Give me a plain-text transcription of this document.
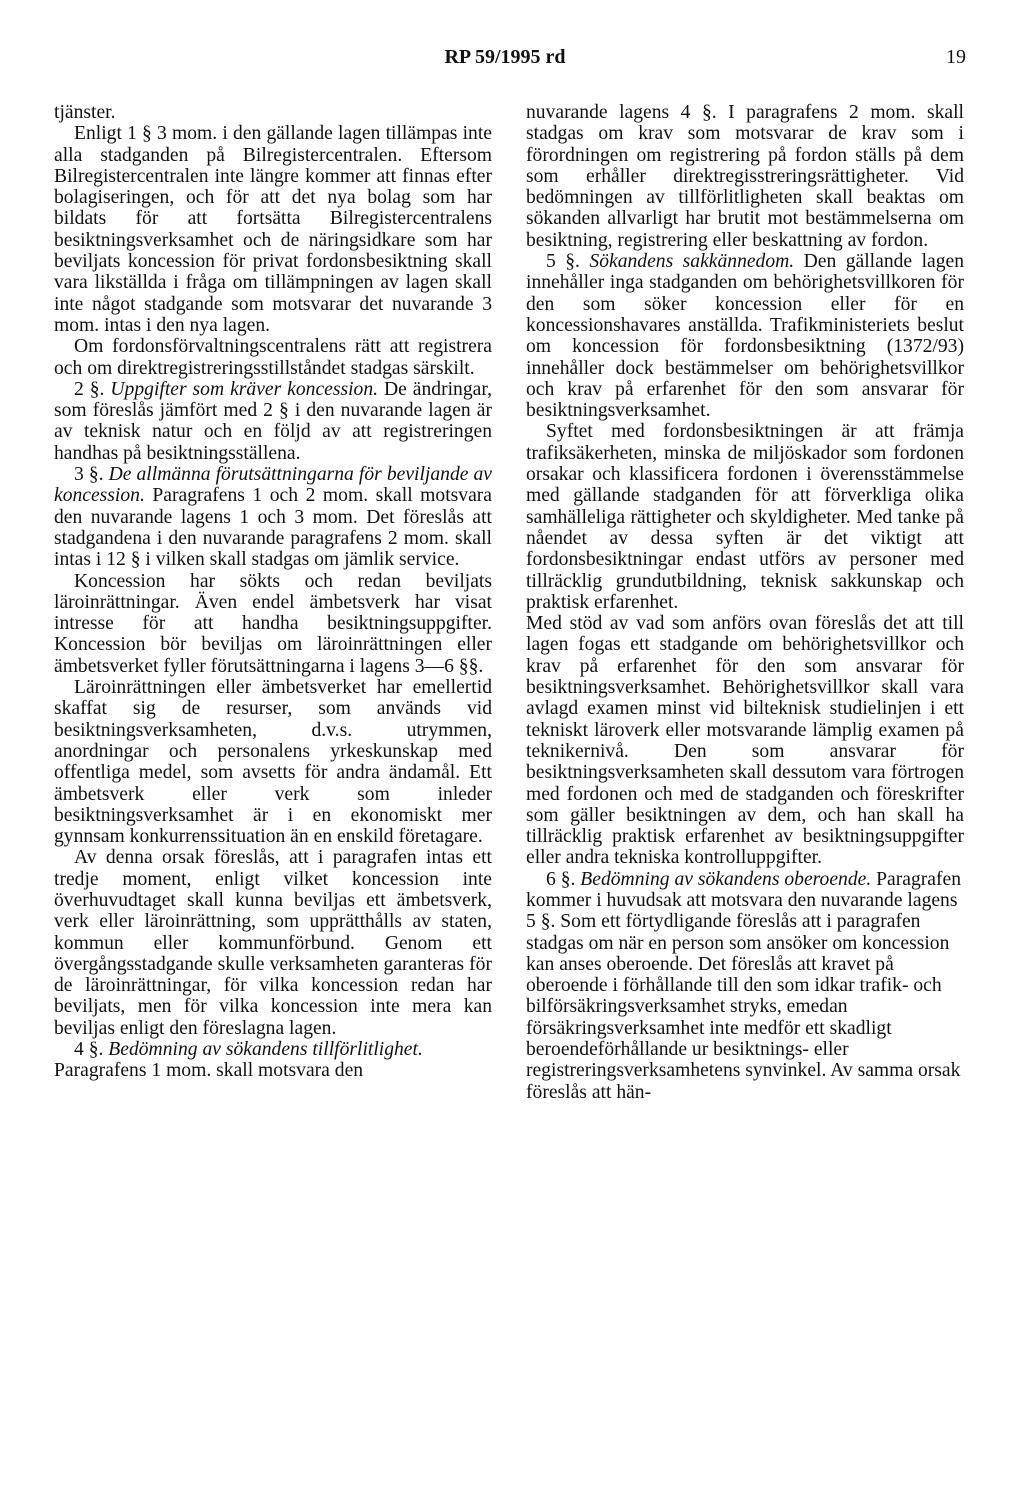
RP 59/1995 rd	19

tjänster.

Enligt 1 § 3 mom. i den gällande lagen tillämpas inte alla stadganden på Bilregistercentralen. Eftersom Bilregistercentralen inte längre kommer att finnas efter bolagiseringen, och för att det nya bolag som har bildats för att fortsätta Bilregistercentralens besiktningsverksamhet och de näringsidkare som har beviljats koncession för privat fordonsbesiktning skall vara likställda i fråga om tillämpningen av lagen skall inte något stadgande som motsvarar det nuvarande 3 mom. intas i den nya lagen.

Om fordonsförvaltningscentralens rätt att registrera och om direktregistreringsstillståndet stadgas särskilt.

2 §. Uppgifter som kräver koncession. De ändringar, som föreslås jämfört med 2 § i den nuvarande lagen är av teknisk natur och en följd av att registreringen handhas på besiktningsställena.

3 §. De allmänna förutsättningarna för beviljande av koncession. Paragrafens 1 och 2 mom. skall motsvara den nuvarande lagens 1 och 3 mom. Det föreslås att stadgandena i den nuvarande paragrafens 2 mom. skall intas i 12 § i vilken skall stadgas om jämlik service.

Koncession har sökts och redan beviljats läroinrättningar. Även endel ämbetsverk har visat intresse för att handha besiktningsuppgifter. Koncession bör beviljas om läroinrättningen eller ämbetsverket fyller förutsättningarna i lagens 3—6 §§.

Läroinrättningen eller ämbetsverket har emellertid skaffat sig de resurser, som används vid besiktningsverksamheten, d.v.s. utrymmen, anordningar och personalens yrkeskunskap med offentliga medel, som avsetts för andra ändamål. Ett ämbetsverk eller verk som inleder besiktningsverksamhet är i en ekonomiskt mer gynnsam konkurrenssituation än en enskild företagare.

Av denna orsak föreslås, att i paragrafen intas ett tredje moment, enligt vilket koncession inte överhuvudtaget skall kunna beviljas ett ämbetsverk, verk eller läroinrättning, som upprätthålls av staten, kommun eller kommunförbund. Genom ett övergångsstadgande skulle verksamheten garanteras för de läroinrättningar, för vilka koncession redan har beviljats, men för vilka koncession inte mera kan beviljas enligt den föreslagna lagen.

4 §. Bedömning av sökandens tillförlitlighet. Paragrafens 1 mom. skall motsvara den

nuvarande lagens 4 §. I paragrafens 2 mom. skall stadgas om krav som motsvarar de krav som i förordningen om registrering på fordon ställs på dem som erhåller direktregisstreringsrättigheter. Vid bedömningen av tillförlitligheten skall beaktas om sökanden allvarligt har brutit mot bestämmelserna om besiktning, registrering eller beskattning av fordon.

5 §. Sökandens sakkännedom. Den gällande lagen innehåller inga stadganden om behörighetsvillkoren för den som söker koncession eller för en koncessionshavares anställda. Trafikministeriets beslut om koncession för fordonsbesiktning (1372/93) innehåller dock bestämmelser om behörighetsvillkor och krav på erfarenhet för den som ansvarar för besiktningsverksamhet.

Syftet med fordonsbesiktningen är att främja trafiksäkerheten, minska de miljöskador som fordonen orsakar och klassificera fordonen i överensstämmelse med gällande stadganden för att förverkliga olika samhälleliga rättigheter och skyldigheter. Med tanke på nåendet av dessa syften är det viktigt att fordonsbesiktningar endast utförs av personer med tillräcklig grundutbildning, teknisk sakkunskap och praktisk erfarenhet.

Med stöd av vad som anförs ovan föreslås det att till lagen fogas ett stadgande om behörighetsvillkor och krav på erfarenhet för den som ansvarar för besiktningsverksamhet. Behörighetsvillkor skall vara avlagd examen minst vid bilteknisk studielinjen i ett tekniskt läroverk eller motsvarande lämplig examen på teknikernivå. Den som ansvarar för besiktningsverksamheten skall dessutom vara förtrogen med fordonen och med de stadganden och föreskrifter som gäller besiktningen av dem, och han skall ha tillräcklig praktisk erfarenhet av besiktningsuppgifter eller andra tekniska kontrolluppgifter.

6 §. Bedömning av sökandens oberoende. Paragrafen kommer i huvudsak att motsvara den nuvarande lagens 5 §. Som ett förtydligande föreslås att i paragrafen stadgas om när en person som ansöker om koncession kan anses oberoende. Det föreslås att kravet på oberoende i förhållande till den som idkar trafik- och bilförsäkringsverksamhet stryks, emedan försäkringsverksamhet inte medför ett skadligt beroendeförhållande ur besiktnings- eller registreringsverksamhetens synvinkel. Av samma orsak föreslås att hän-
